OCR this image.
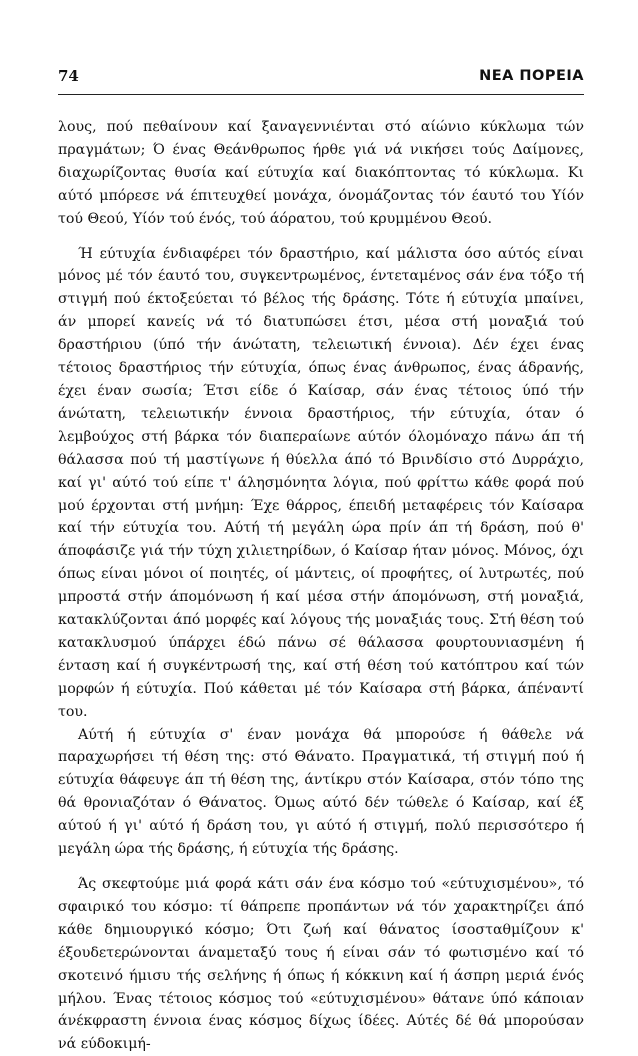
74	ΝΕΑ ΠΟΡΕΙΑ

λους, πού πεθαίνουν καί ξαναγεννιένται στό αίώνιο κύκλωμα τών πραγμάτων; Ό ένας Θεάνθρωπος ήρθε γιά νά νικήσει τούς Δαίμονες, διαχωρίζοντας θυσία καί εύτυχία καί διακόπτοντας τό κύκλωμα. Κι αύτό μπόρεσε νά έπιτευχθεί μονάχα, όνομάζοντας τόν έαυτό του Υίόν τού Θεού, Υίόν τού ένός, τού άόρατου, τού κρυμμένου Θεού.

Ή εύτυχία ένδιαφέρει τόν δραστήριο, καί μάλιστα όσο αύτός είναι μόνος μέ τόν έαυτό του, συγκεντρωμένος, έντεταμένος σάν ένα τόξο τή στιγμή πού έκτοξεύεται τό βέλος τής δράσης. Τότε ή εύτυχία μπαίνει, άν μπορεί κανείς νά τό διατυπώσει έτσι, μέσα στή μοναξιά τού δραστήριου (ύπό τήν άνώτατη, τελειωτική έννοια). Δέν έχει ένας τέτοιος δραστήριος τήν εύτυχία, όπως ένας άνθρωπος, ένας άδρανής, έχει έναν σωσία; Έτσι είδε ό Καίσαρ, σάν ένας τέτοιος ύπό τήν άνώτατη, τελειωτικήν έννοια δραστήριος, τήν εύτυχία, όταν ό λεμβούχος στή βάρκα τόν διαπεραίωνε αύτόν όλομόναχο πάνω άπ τή θάλασσα πού τή μαστίγωνε ή θύελλα άπό τό Βρινδίσιο στό Δυρράχιο, καί γι' αύτό τού είπε τ' άλησμόνητα λόγια, πού φρίττω κάθε φορά πού μού έρχονται στή μνήμη: Έχε θάρρος, έπειδή μεταφέρεις τόν Καίσαρα καί τήν εύτυχία του. Αύτή τή μεγάλη ώρα πρίν άπ τή δράση, πού θ' άποφάσιζε γιά τήν τύχη χιλιετηρίδων, ό Καίσαρ ήταν μόνος. Μόνος, όχι όπως είναι μόνοι οί ποιητές, οί μάντεις, οί προφήτες, οί λυτρωτές, πού μπροστά στήν άπομόνωση ή καί μέσα στήν άπομόνωση, στή μοναξιά, κατακλύζονται άπό μορφές καί λόγους τής μοναξιάς τους. Στή θέση τού κατακλυσμού ύπάρχει έδώ πάνω σέ θάλασσα φουρτουνιασμένη ή ένταση καί ή συγκέντρωσή της, καί στή θέση τού κατόπτρου καί τών μορφών ή εύτυχία. Πού κάθεται μέ τόν Καίσαρα στή βάρκα, άπέναντί του.

Αύτή ή εύτυχία σ' έναν μονάχα θά μπορούσε ή θάθελε νά παραχωρήσει τή θέση της: στό Θάνατο. Πραγματικά, τή στιγμή πού ή εύτυχία θάφευγε άπ τή θέση της, άντίκρυ στόν Καίσαρα, στόν τόπο της θά θρονιαζόταν ό Θάνατος. Όμως αύτό δέν τώθελε ό Καίσαρ, καί έξ αύτού ή γι' αύτό ή δράση του, γι αύτό ή στιγμή, πολύ περισσότερο ή μεγάλη ώρα τής δράσης, ή εύτυχία τής δράσης.

Άς σκεφτούμε μιά φορά κάτι σάν ένα κόσμο τού «εύτυχισμένου», τό σφαιρικό του κόσμο: τί θάπρεπε προπάντων νά τόν χαρακτηρίζει άπό κάθε δημιουργικό κόσμο; Ότι ζωή καί θάνατος ίσοσταθμίζουν κ' έξουδετερώνονται άναμεταξύ τους ή είναι σάν τό φωτισμένο καί τό σκοτεινό ήμισυ τής σελήνης ή όπως ή κόκκινη καί ή άσπρη μεριά ένός μήλου. Ένας τέτοιος κόσμος τού «εύτυχισμένου» θάτανε ύπό κάποιαν άνέκφραστη έννοια ένας κόσμος δίχως ίδέες. Αύτές δέ θά μπορούσαν νά εύδοκιμή-
